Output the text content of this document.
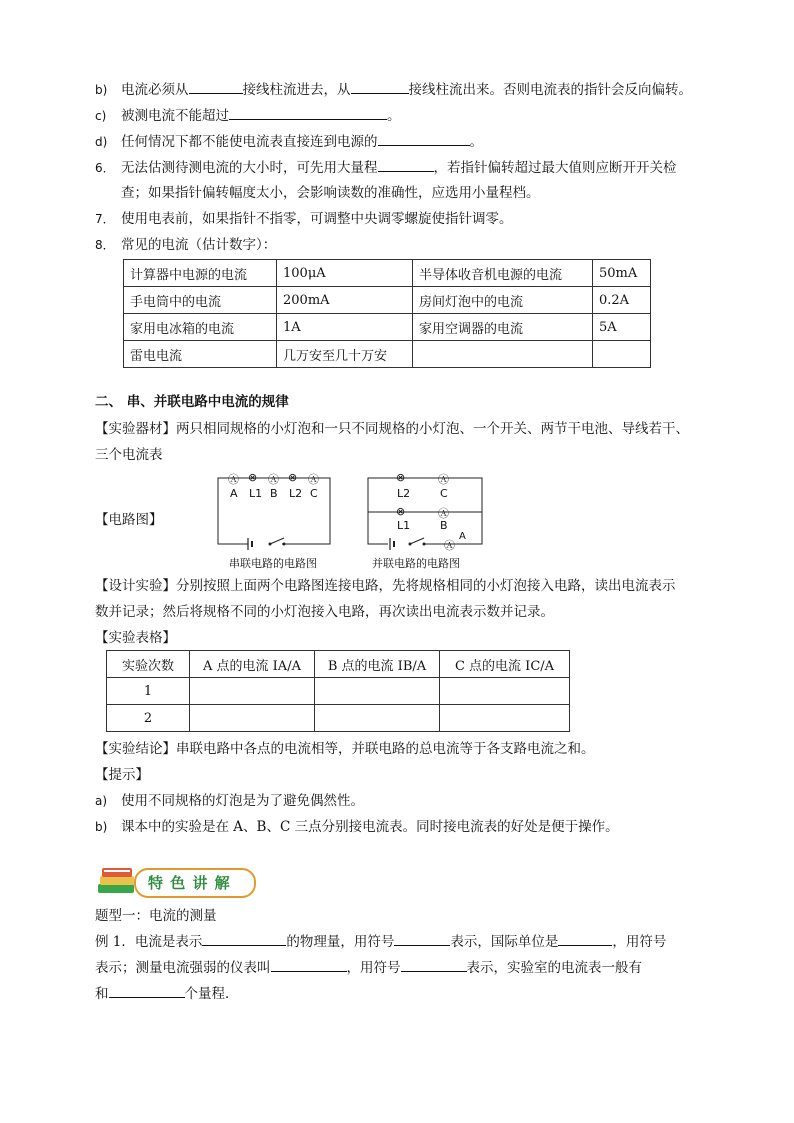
b) 电流必须从	接线柱流进去，从	接线柱流出来。否则电流表的指针会反向偏转。
c) 被测电流不能超过	。
d) 任何情况下都不能使电流表直接连到电源的	。
6． 无法估测待测电流的大小时，可先用大量程	，若指针偏转超过最大值则应断开开关检
查；如果指针偏转幅度太小，会影响读数的准确性，应选用小量程档。
7． 使用电表前，如果指针不指零，可调整中央调零螺旋使指针调零。
8． 常见的电流（估计数字）：
计算器中电源的电流	100μA	半导体收音机电源的电流	50mA
手电筒中的电流	200mA	房间灯泡中的电流	0.2A
家用电冰箱的电流	1A	家用空调器的电流	5A
雷电电流	几万安至几十万安		
二、 串、并联电路中电流的规律
【实验器材】两只相同规格的小灯泡和一只不同规格的小灯泡、一个开关、两节干电池、导线若干、
三个电流表
【电路图】
Ⓐ ⊗ Ⓐ ⊗ Ⓐ
A L1 B L2 C
串联电路的电路图
⊗	Ⓐ
L2	C
⊗	Ⓐ
L1	B
Ⓐ
A
并联电路的电路图
【设计实验】分别按照上面两个电路图连接电路，先将规格相同的小灯泡接入电路，读出电流表示
数并记录；然后将规格不同的小灯泡接入电路，再次读出电流表示数并记录。
【实验表格】
实验次数	A 点的电流 IA/A	B 点的电流 IB/A	C 点的电流 IC/A
1			
2			
【实验结论】串联电路中各点的电流相等，并联电路的总电流等于各支路电流之和。
【提示】
a) 使用不同规格的灯泡是为了避免偶然性。
b) 课本中的实验是在 A、B、C 三点分别接电流表。同时接电流表的好处是便于操作。
特 色 讲 解
题型一：电流的测量
例 1．电流是表示	的物理量，用符号	表示，国际单位是	，用符号
表示；测量电流强弱的仪表叫	，用符号	表示，实验室的电流表一般有
和	个量程．
